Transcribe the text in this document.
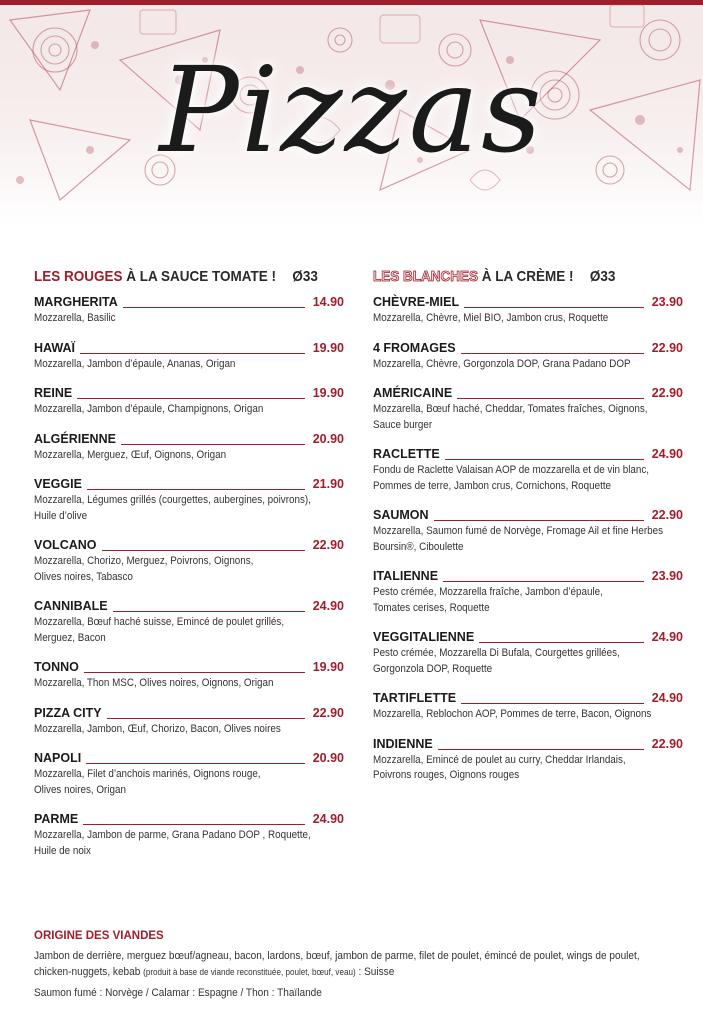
Pizzas
LES ROUGES À LA SAUCE TOMATE ! Ø33
MARGHERITA	14.90
Mozzarella, Basilic
HAWAÏ	19.90
Mozzarella, Jambon d’épaule, Ananas, Origan
REINE	19.90
Mozzarella, Jambon d’épaule, Champignons, Origan
ALGÉRIENNE	20.90
Mozzarella, Merguez, Œuf, Oignons, Origan
VEGGIE	21.90
Mozzarella, Légumes grillés (courgettes, aubergines, poivrons),
Huile d’olive
VOLCANO	22.90
Mozzarella, Chorizo, Merguez, Poivrons, Oignons,
Olives noires, Tabasco
CANNIBALE	24.90
Mozzarella, Bœuf haché suisse, Emincé de poulet grillés,
Merguez, Bacon
TONNO	19.90
Mozzarella, Thon MSC, Olives noires, Oignons, Origan
PIZZA CITY	22.90
Mozzarella, Jambon, Œuf, Chorizo, Bacon, Olives noires
NAPOLI	20.90
Mozzarella, Filet d’anchois marinés, Oignons rouge,
Olives noires, Origan
PARME	24.90
Mozzarella, Jambon de parme, Grana Padano DOP , Roquette,
Huile de noix
LES BLANCHES À LA CRÈME ! Ø33
CHÈVRE-MIEL	23.90
Mozzarella, Chèvre, Miel BIO, Jambon crus, Roquette
4 FROMAGES	22.90
Mozzarella, Chèvre, Gorgonzola DOP, Grana Padano DOP
AMÉRICAINE	22.90
Mozzarella, Bœuf haché, Cheddar, Tomates fraîches, Oignons,
Sauce burger
RACLETTE	24.90
Fondu de Raclette Valaisan AOP de mozzarella et de vin blanc,
Pommes de terre, Jambon crus, Cornichons, Roquette
SAUMON	22.90
Mozzarella, Saumon fumé de Norvège, Fromage Ail et fine Herbes
Boursin®, Ciboulette
ITALIENNE	23.90
Pesto crémée, Mozzarella fraîche, Jambon d’épaule,
Tomates cerises, Roquette
VEGGITALIENNE	24.90
Pesto crémée, Mozzarella Di Bufala, Courgettes grillées,
Gorgonzola DOP, Roquette
TARTIFLETTE	24.90
Mozzarella, Reblochon AOP, Pommes de terre, Bacon, Oignons
INDIENNE	22.90
Mozzarella, Emincé de poulet au curry, Cheddar Irlandais,
Poivrons rouges, Oignons rouges
ORIGINE DES VIANDES
Jambon de derrière, merguez bœuf/agneau, bacon, lardons, bœuf, jambon de parme, filet de poulet, émincé de poulet, wings de poulet,
chicken-nuggets, kebab (produit à base de viande reconstituée, poulet, bœuf, veau) : Suisse
Saumon fumé : Norvège / Calamar : Espagne / Thon : Thaïlande
